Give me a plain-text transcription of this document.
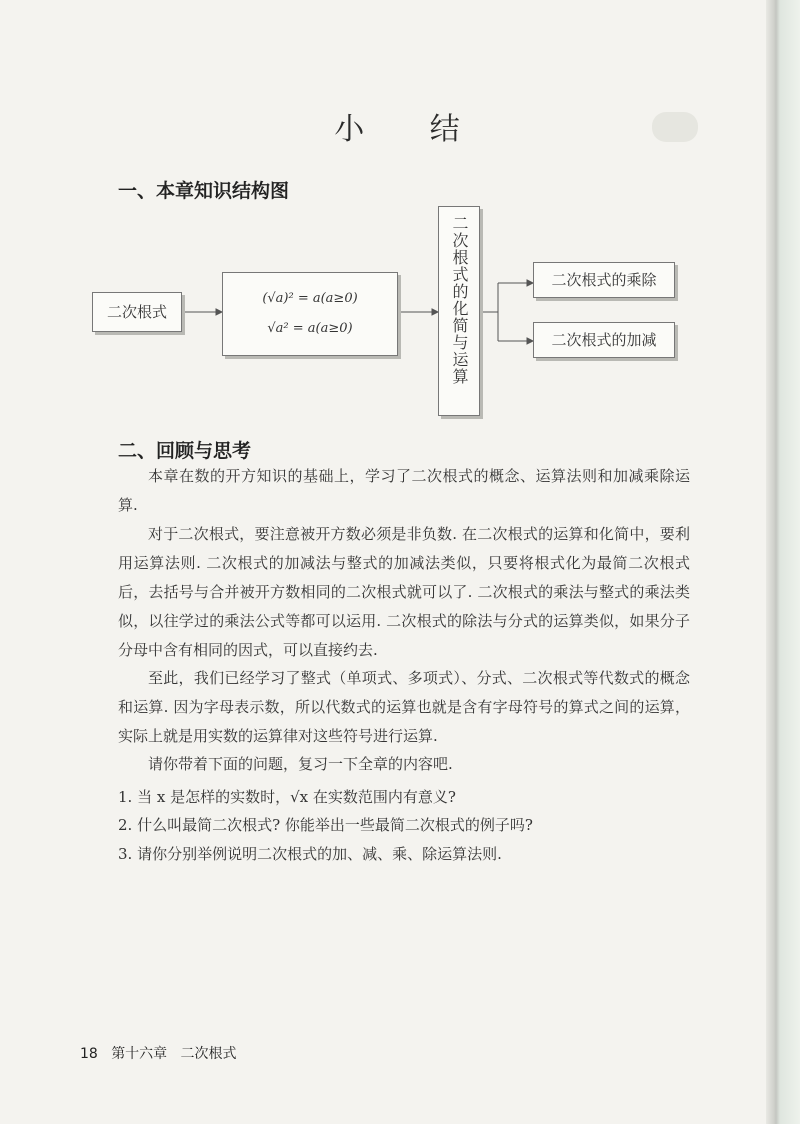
小 结
一、本章知识结构图
二次根式
(√a)² = a(a≥0)
√a² = a(a≥0)	二次根式的化简与运算	二次根式的乘除
二次根式的加减
二、回顾与思考

本章在数的开方知识的基础上，学习了二次根式的概念、运算法则和加减乘除运算.

对于二次根式，要注意被开方数必须是非负数. 在二次根式的运算和化简中，要利用运算法则. 二次根式的加减法与整式的加减法类似，只要将根式化为最简二次根式后，去括号与合并被开方数相同的二次根式就可以了. 二次根式的乘法与整式的乘法类似，以往学过的乘法公式等都可以运用. 二次根式的除法与分式的运算类似，如果分子分母中含有相同的因式，可以直接约去.

至此，我们已经学习了整式（单项式、多项式）、分式、二次根式等代数式的概念和运算. 因为字母表示数，所以代数式的运算也就是含有字母符号的算式之间的运算，实际上就是用实数的运算律对这些符号进行运算.

请你带着下面的问题，复习一下全章的内容吧.

1. 当 x 是怎样的实数时，√x 在实数范围内有意义?
2. 什么叫最简二次根式? 你能举出一些最简二次根式的例子吗?
3. 请你分别举例说明二次根式的加、减、乘、除运算法则.
18 第十六章 二次根式
